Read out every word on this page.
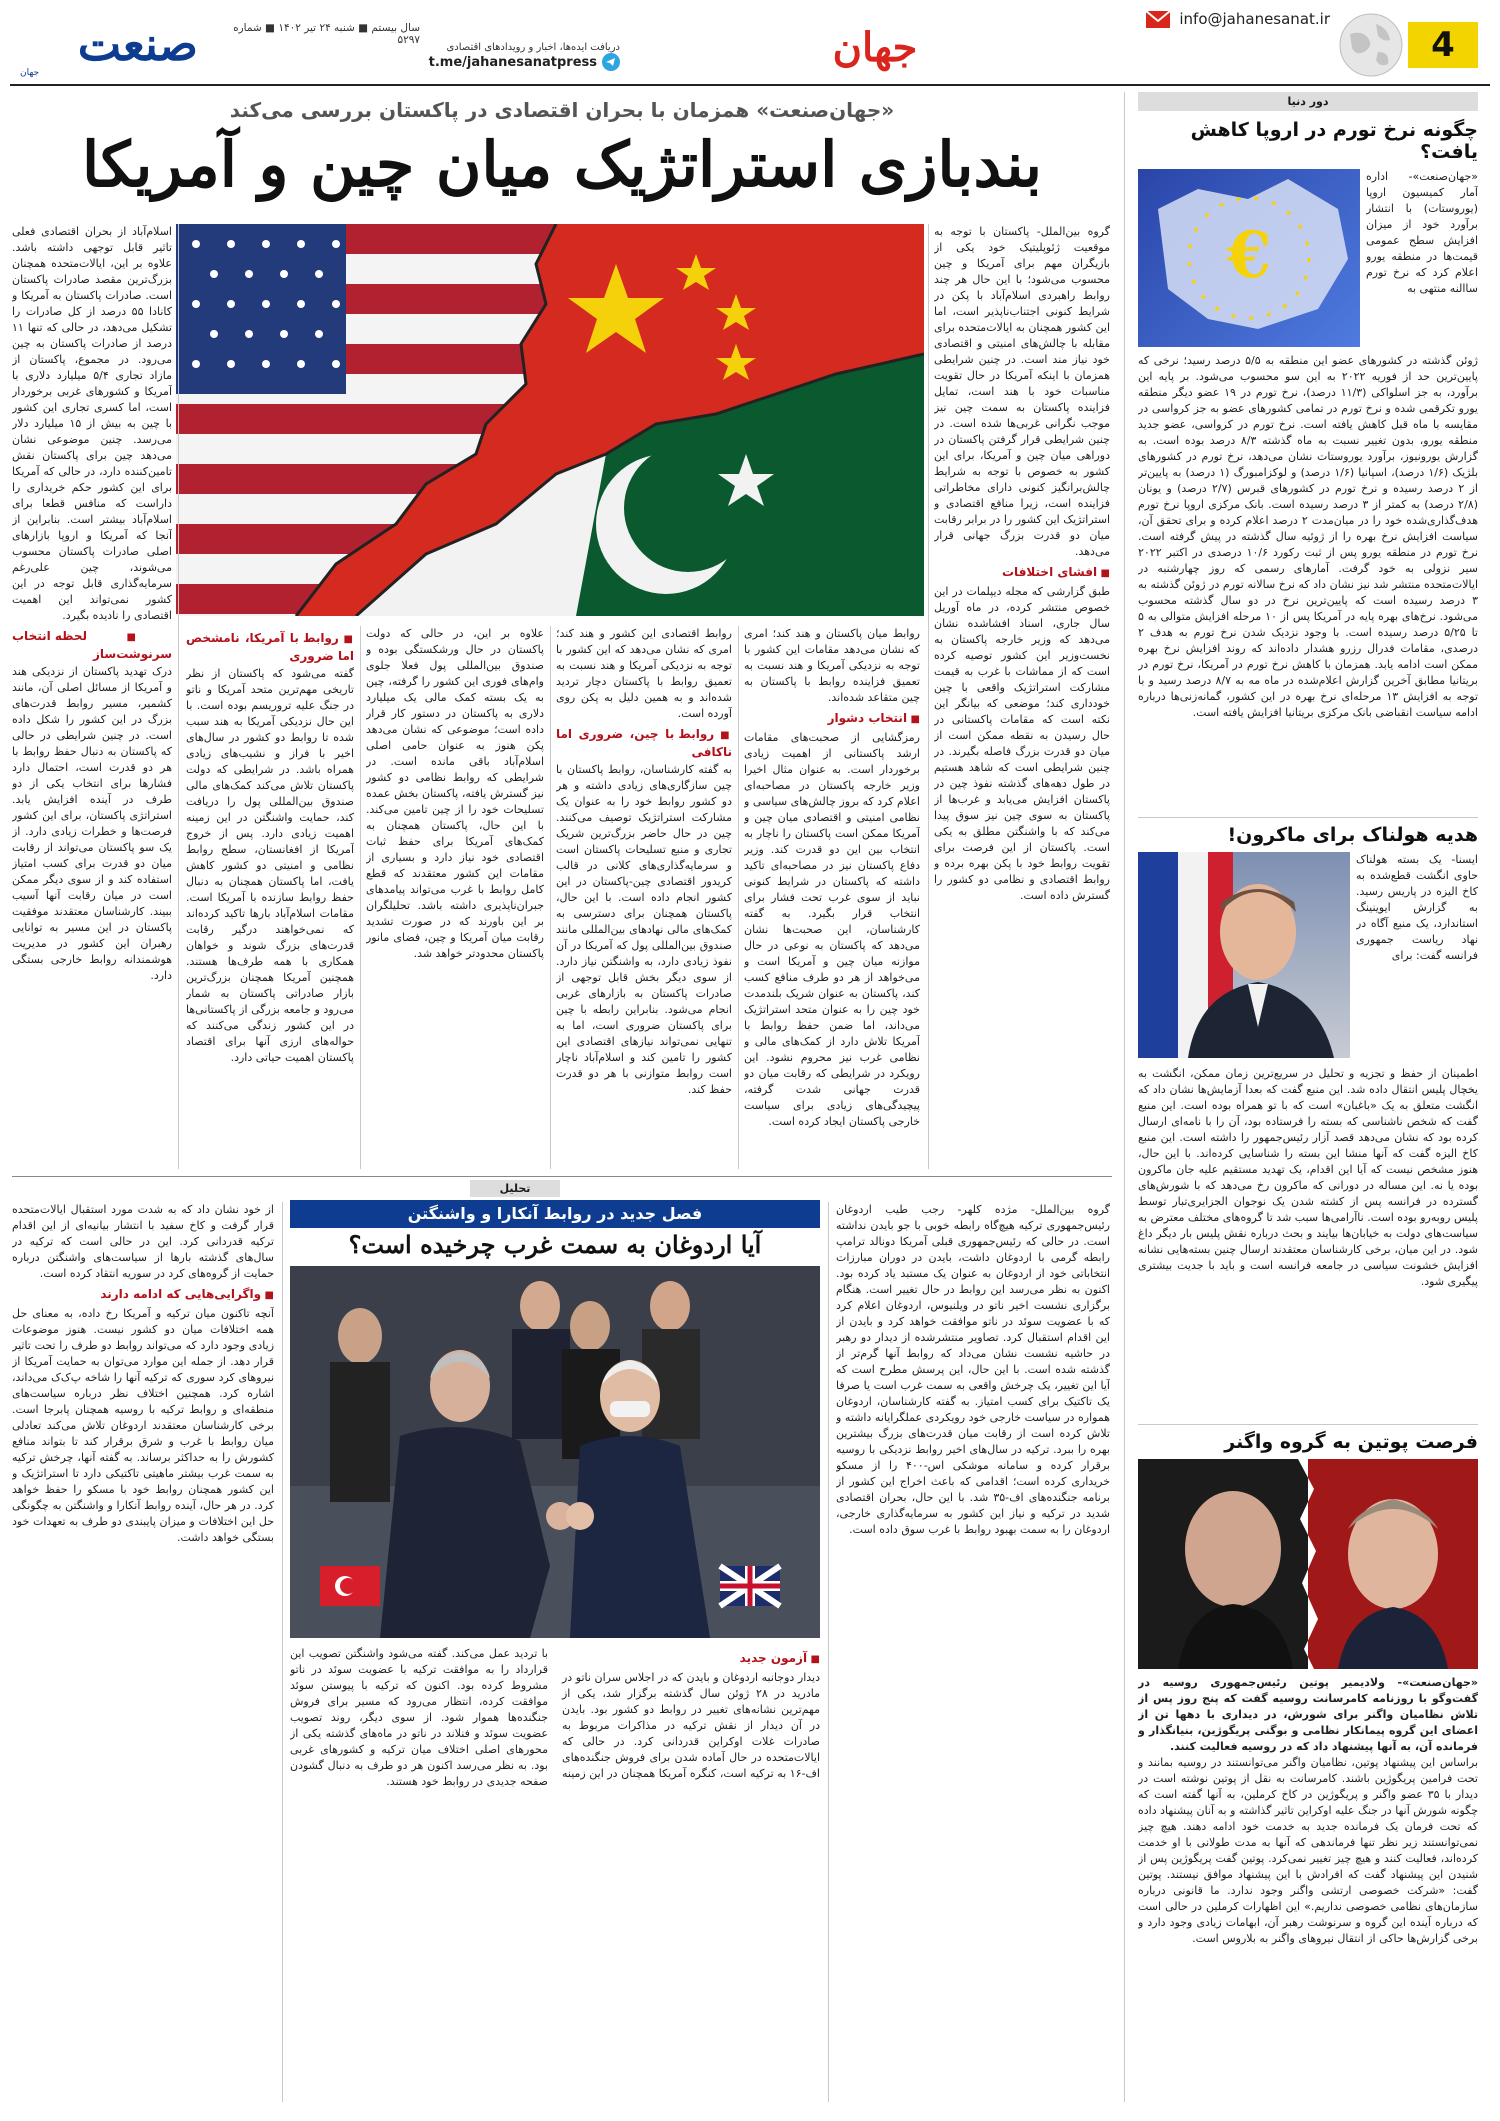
4
info@jahanesanat.ir
جهان
دریافت ایده‌ها، اخبار و رویدادهای اقتصادی
t.me/jahanesanatpress
سال بیستم ■ شنبه ۲۴ تیر ۱۴۰۲ ■ شماره ۵۲۹۷
صنعت
جهان
دور دنیا
چگونه نرخ تورم در اروپا کاهش یافت؟
€
«جهان‌صنعت»- اداره آمار کمیسیون اروپا (یوروستات) با انتشار برآورد خود از میزان افزایش سطح عمومی قیمت‌ها در منطقه یورو اعلام کرد که نرخ تورم ساالنه منتهی به
ژوئن گذشته در کشورهای عضو این منطقه به ۵/۵ درصد رسید؛ نرخی که پایین‌ترین حد از فوریه ۲۰۲۲ به این سو محسوب می‌شود. بر پایه این برآورد، به جز اسلواکی (۱۱/۳ درصد)، نرخ تورم در ۱۹ عضو دیگر منطقه یورو تکرقمی شده و نرخ تورم در تمامی کشورهای عضو به جز کرواسی در مقایسه با ماه قبل کاهش یافته است. نرخ تورم در کرواسی، عضو جدید منطقه یورو، بدون تغییر نسبت به ماه گذشته ۸/۳ درصد بوده است. به گزارش یورونیوز، برآورد یوروستات نشان می‌دهد، نرخ تورم در کشورهای بلژیک (۱/۶ درصد)، اسپانیا (۱/۶ درصد) و لوکزامبورگ (۱ درصد) به پایین‌تر از ۲ درصد رسیده و نرخ تورم در کشورهای قبرس (۲/۷ درصد) و یونان (۲/۸ درصد) به کمتر از ۳ درصد رسیده است. بانک مرکزی اروپا نرخ تورم هدف‌گذاری‌شده خود را در میان‌مدت ۲ درصد اعلام کرده و برای تحقق آن، سیاست افزایش نرخ بهره را از ژوئیه سال گذشته در پیش گرفته است. نرخ تورم در منطقه یورو پس از ثبت رکورد ۱۰/۶ درصدی در اکتبر ۲۰۲۲ سیر نزولی به خود گرفت. آمارهای رسمی که روز چهارشنبه در ایالات‌متحده منتشر شد نیز نشان داد که نرخ سالانه تورم در ژوئن گذشته به ۳ درصد رسیده است که پایین‌ترین نرخ در دو سال گذشته محسوب می‌شود. نرخ‌های بهره پایه در آمریکا پس از ۱۰ مرحله افزایش متوالی به ۵ تا ۵/۲۵ درصد رسیده است. با وجود نزدیک شدن نرخ تورم به هدف ۲ درصدی، مقامات فدرال رزرو هشدار داده‌اند که روند افزایش نرخ بهره ممکن است ادامه یابد. همزمان با کاهش نرخ تورم در آمریکا، نرخ تورم در بریتانیا مطابق آخرین گزارش اعلام‌شده در ماه مه به ۸/۷ درصد رسید و با توجه به افزایش ۱۳ مرحله‌ای نرخ بهره در این کشور، گمانه‌زنی‌ها درباره ادامه سیاست انقباضی بانک مرکزی بریتانیا افزایش یافته است.
هدیه هولناک برای ماکرون!
ایسنا- یک بسته هولناک حاوی انگشت قطع‌شده به کاخ الیزه در پاریس رسید. به گزارش ایوینینگ استاندارد، یک منبع آگاه در نهاد ریاست جمهوری فرانسه گفت: برای
اطمینان از حفظ و تجزیه و تحلیل در سریع‌ترین زمان ممکن، انگشت به یخچال پلیس انتقال داده شد. این منبع گفت که بعدا آزمایش‌ها نشان داد که انگشت متعلق به یک «باغبان» است که با تو همراه بوده است. این منبع گفت که شخص ناشناسی که بسته را فرستاده بود، آن را با نامه‌ای ارسال کرده بود که نشان می‌دهد قصد آزار رئیس‌جمهور را داشته است. این منبع کاخ الیزه گفت که آنها منشا این بسته را شناسایی کرده‌اند. با این حال، هنوز مشخص نیست که آیا این اقدام، یک تهدید مستقیم علیه جان ماکرون بوده یا نه. این مساله در دورانی که ماکرون رخ می‌دهد که با شورش‌های گسترده در فرانسه پس از کشته شدن یک نوجوان الجزایری‌تبار توسط پلیس روبه‌رو بوده است. ناآرامی‌ها سبب شد تا گروه‌های مختلف معترض به سیاست‌های دولت به خیابان‌ها بیایند و بحث درباره نقش پلیس بار دیگر داغ شود. در این میان، برخی کارشناسان معتقدند ارسال چنین بسته‌هایی نشانه افزایش خشونت سیاسی در جامعه فرانسه است و باید با جدیت بیشتری پیگیری شود.
فرصت پوتین به گروه واگنر
«جهان‌صنعت»- ولادیمیر پوتین رئیس‌جمهوری روسیه در گفت‌وگو با روزنامه کامرسانت روسیه گفت که پنج روز پس از تلاش نظامیان واگنر برای شورش، در دیداری با دهها تن از اعضای این گروه پیمانکار نظامی و بوگنی پریگوژین، بنیانگذار و فرمانده آن، به آنها پیشنهاد داد که در روسیه فعالیت کنند.
براساس این پیشنهاد پوتین، نظامیان واگنر می‌توانستند در روسیه بمانند و تحت فرامین پریگوژین باشند. کامرسانت به نقل از پوتین نوشته است در دیدار با ۳۵ عضو واگنر و پریگوژین در کاخ کرملین، به آنها گفته است که چگونه شورش آنها در جنگ علیه اوکراین تاثیر گذاشته و به آنان پیشنهاد داده که تحت فرمان یک فرمانده جدید به خدمت خود ادامه دهند. هیچ چیز نمی‌توانستند زیر نظر تنها فرماندهی که آنها به مدت طولانی با او خدمت کرده‌اند، فعالیت کنند و هیچ چیز تغییر نمی‌کرد. پوتین گفت پریگوژین پس از شنیدن این پیشنهاد گفت که افرادش با این پیشنهاد موافق نیستند. پوتین گفت: «شرکت خصوصی ارتشی واگنر وجود ندارد. ما قانونی درباره سازمان‌های نظامی خصوصی نداریم.» این اظهارات کرملین در حالی است که درباره آینده این گروه و سرنوشت رهبر آن، ابهامات زیادی وجود دارد و برخی گزارش‌ها حاکی از انتقال نیروهای واگنر به بلاروس است.
«جهان‌صنعت» همزمان با بحران اقتصادی در پاکستان بررسی می‌کند
بندبازی استراتژیک میان چین و آمریکا

گروه بین‌الملل- پاکستان با توجه به موقعیت ژئوپلیتیک خود یکی از بازیگران مهم برای آمریکا و چین محسوب می‌شود؛ با این حال هر چند روابط راهبردی اسلام‌آباد با پکن در شرایط کنونی اجتناب‌ناپذیر است، اما این کشور همچنان به ایالات‌متحده برای مقابله با چالش‌های امنیتی و اقتصادی خود نیاز مند است. در چنین شرایطی همزمان با اینکه آمریکا در حال تقویت مناسبات خود با هند است، تمایل فزاینده پاکستان به سمت چین نیز موجب نگرانی غربی‌ها شده است. در چنین شرایطی قرار گرفتن پاکستان در دوراهی میان چین و آمریکا، برای این کشور به خصوص با توجه به شرایط چالش‌برانگیز کنونی دارای مخاطراتی فزاینده است، زیرا منافع اقتصادی و استراتژیک این کشور را در برابر رقابت میان دو قدرت بزرگ جهانی قرار می‌دهد.

■ افشای اختلافات

طبق گزارشی که مجله دیپلمات در این خصوص منتشر کرده، در ماه آوریل سال جاری، اسناد افشاشده نشان می‌دهد که وزیر خارجه پاکستان به نخست‌وزیر این کشور توصیه کرده است که از مماشات با غرب به قیمت مشارکت استراتژیک واقعی با چین خودداری کند؛ موضعی که بیانگر این نکته است که مقامات پاکستانی در حال رسیدن به نقطه ممکن است از میان دو قدرت بزرگ فاصله بگیرند. در چنین شرایطی است که شاهد هستیم در طول دهه‌های گذشته نفوذ چین در پاکستان افزایش می‌یابد و غرب‌ها از پاکستان به سوی چین نیز سوق پیدا می‌کند که با واشنگتن مطلق به یکی است. پاکستان از این فرصت برای تقویت روابط خود با پکن بهره برده و روابط اقتصادی و نظامی دو کشور را گسترش داده است.

روابط میان پاکستان و هند کند؛ امری که نشان می‌دهد مقامات این کشور با توجه به نزدیکی آمریکا و هند نسبت به تعمیق فزاینده روابط با پاکستان به چین متقاعد شده‌اند.

■ انتخاب دشوار

رمزگشایی از صحبت‌های مقامات ارشد پاکستانی از اهمیت زیادی برخوردار است. به عنوان مثال اخیرا وزیر خارجه پاکستان در مصاحبه‌ای اعلام کرد که بروز چالش‌های سیاسی و نظامی امنیتی و اقتصادی میان چین و آمریکا ممکن است پاکستان را ناچار به انتخاب بین این دو قدرت کند. وزیر دفاع پاکستان نیز در مصاحبه‌ای تاکید داشته که پاکستان در شرایط کنونی نباید از سوی غرب تحت فشار برای انتخاب قرار بگیرد. به گفته کارشناسان، این صحبت‌ها نشان می‌دهد که پاکستان به نوعی در حال موازنه میان چین و آمریکا است و می‌خواهد از هر دو طرف منافع کسب کند، پاکستان به عنوان شریک بلندمدت خود چین را به عنوان متحد استراتژیک می‌داند، اما ضمن حفظ روابط با آمریکا تلاش دارد از کمک‌های مالی و نظامی غرب نیز محروم نشود. این رویکرد در شرایطی که رقابت میان دو قدرت جهانی شدت گرفته، پیچیدگی‌های زیادی برای سیاست خارجی پاکستان ایجاد کرده است.

روابط اقتصادی این کشور و هند کند؛ امری که نشان می‌دهد که این کشور با توجه به نزدیکی آمریکا و هند نسبت به تعمیق روابط با پاکستان دچار تردید شده‌اند و به همین دلیل به پکن روی آورده است.

■ روابط با چین، ضروری اما ناکافی

به گفته کارشناسان، روابط پاکستان با چین سازگاری‌های زیادی داشته و هر دو کشور روابط خود را به عنوان یک مشارکت استراتژیک توصیف می‌کنند. چین در حال حاضر بزرگ‌ترین شریک تجاری و منبع تسلیحات پاکستان است و سرمایه‌گذاری‌های کلانی در قالب کریدور اقتصادی چین-پاکستان در این کشور انجام داده است. با این حال، پاکستان همچنان برای دسترسی به کمک‌های مالی نهادهای بین‌المللی مانند صندوق بین‌المللی پول که آمریکا در آن نفوذ زیادی دارد، به واشنگتن نیاز دارد. از سوی دیگر بخش قابل توجهی از صادرات پاکستان به بازارهای غربی انجام می‌شود. بنابراین رابطه با چین برای پاکستان ضروری است، اما به تنهایی نمی‌تواند نیازهای اقتصادی این کشور را تامین کند و اسلام‌آباد ناچار است روابط متوازنی با هر دو قدرت حفظ کند.

علاوه بر این، در حالی که دولت پاکستان در حال ورشکستگی بوده و صندوق بین‌المللی پول فعلا جلوی وام‌های فوری این کشور را گرفته، چین به یک بسته کمک مالی یک میلیارد دلاری به پاکستان در دستور کار قرار داده است؛ موضوعی که نشان می‌دهد پکن هنوز به عنوان حامی اصلی اسلام‌آباد باقی مانده است. در شرایطی که روابط نظامی دو کشور نیز گسترش یافته، پاکستان بخش عمده تسلیحات خود را از چین تامین می‌کند. با این حال، پاکستان همچنان به کمک‌های آمریکا برای حفظ ثبات اقتصادی خود نیاز دارد و بسیاری از مقامات این کشور معتقدند که قطع کامل روابط با غرب می‌تواند پیامدهای جبران‌ناپذیری داشته باشد. تحلیلگران بر این باورند که در صورت تشدید رقابت میان آمریکا و چین، فضای مانور پاکستان محدودتر خواهد شد.

■ روابط با آمریکا، نامشخص اما ضروری

گفته می‌شود که پاکستان از نظر تاریخی مهم‌ترین متحد آمریکا و ناتو در جنگ علیه تروریسم بوده است. با این حال نزدیکی آمریکا به هند سبب شده تا روابط دو کشور در سال‌های اخیر با فراز و نشیب‌های زیادی همراه باشد. در شرایطی که دولت پاکستان تلاش می‌کند کمک‌های مالی صندوق بین‌المللی پول را دریافت کند، حمایت واشنگتن در این زمینه اهمیت زیادی دارد. پس از خروج آمریکا از افغانستان، سطح روابط نظامی و امنیتی دو کشور کاهش یافت، اما پاکستان همچنان به دنبال حفظ روابط سازنده با آمریکا است. مقامات اسلام‌آباد بارها تاکید کرده‌اند که نمی‌خواهند درگیر رقابت قدرت‌های بزرگ شوند و خواهان همکاری با همه طرف‌ها هستند. همچنین آمریکا همچنان بزرگ‌ترین بازار صادراتی پاکستان به شمار می‌رود و جامعه بزرگی از پاکستانی‌ها در این کشور زندگی می‌کنند که حواله‌های ارزی آنها برای اقتصاد پاکستان اهمیت حیاتی دارد.

اسلام‌آباد از بحران اقتصادی فعلی تاثیر قابل توجهی داشته باشد. علاوه بر این، ایالات‌متحده همچنان بزرگ‌ترین مقصد صادرات پاکستان است. صادرات پاکستان به آمریکا و کانادا ۵۵ درصد از کل صادرات را تشکیل می‌دهد، در حالی که تنها ۱۱ درصد از صادرات پاکستان به چین می‌رود. در مجموع، پاکستان از مازاد تجاری ۵/۴ میلیارد دلاری با آمریکا و کشورهای غربی برخوردار است، اما کسری تجاری این کشور با چین به بیش از ۱۵ میلیارد دلار می‌رسد. چنین موضوعی نشان می‌دهد چین برای پاکستان نقش تامین‌کننده دارد، در حالی که آمریکا برای این کشور حکم خریداری را داراست که منافس قطعا برای اسلام‌آباد بیشتر است. بنابراین از آنجا که آمریکا و اروپا بازارهای اصلی صادرات پاکستان محسوب می‌شوند، چین علی‌رغم سرمایه‌گذاری قابل توجه در این کشور نمی‌تواند این اهمیت اقتصادی را نادیده بگیرد.

■ لحظه انتخاب سرنوشت‌ساز

درک تهدید پاکستان از نزدیکی هند و آمریکا از مسائل اصلی آن، مانند کشمیر، مسیر روابط قدرت‌های بزرگ در این کشور را شکل داده است. در چنین شرایطی در حالی که پاکستان به دنبال حفظ روابط با هر دو قدرت است، احتمال دارد فشارها برای انتخاب یکی از دو طرف در آینده افزایش یابد. استراتژی پاکستان، برای این کشور فرصت‌ها و خطرات زیادی دارد. از یک سو پاکستان می‌تواند از رقابت میان دو قدرت برای کسب امتیاز استفاده کند و از سوی دیگر ممکن است در میان رقابت آنها آسیب ببیند. کارشناسان معتقدند موفقیت پاکستان در این مسیر به توانایی رهبران این کشور در مدیریت هوشمندانه روابط خارجی بستگی دارد.

تحلیل
گروه بین‌الملل- مژده کلهر- رجب طیب اردوغان رئیس‌جمهوری ترکیه هیچ‌گاه رابطه خوبی با جو بایدن نداشته است. در حالی که رئیس‌جمهوری قبلی آمریکا دونالد ترامپ رابطه گرمی با اردوغان داشت، بایدن در دوران مبارزات انتخاباتی خود از اردوغان به عنوان یک مستبد یاد کرده بود. اکنون به نظر می‌رسد این روابط در حال تغییر است. هنگام برگزاری نشست اخیر ناتو در ویلنیوس، اردوغان اعلام کرد که با عضویت سوئد در ناتو موافقت خواهد کرد و بایدن از این اقدام استقبال کرد. تصاویر منتشرشده از دیدار دو رهبر در حاشیه نشست نشان می‌داد که روابط آنها گرم‌تر از گذشته شده است. با این حال، این پرسش مطرح است که آیا این تغییر، یک چرخش واقعی به سمت غرب است یا صرفا یک تاکتیک برای کسب امتیاز. به گفته کارشناسان، اردوغان همواره در سیاست خارجی خود رویکردی عملگرایانه داشته و تلاش کرده است از رقابت میان قدرت‌های بزرگ بیشترین بهره را ببرد. ترکیه در سال‌های اخیر روابط نزدیکی با روسیه برقرار کرده و سامانه موشکی اس-۴۰۰ را از مسکو خریداری کرده است؛ اقدامی که باعث اخراج این کشور از برنامه جنگنده‌های اف-۳۵ شد. با این حال، بحران اقتصادی شدید در ترکیه و نیاز این کشور به سرمایه‌گذاری خارجی، اردوغان را به سمت بهبود روابط با غرب سوق داده است.
فصل جدید در روابط آنکارا و واشنگتن
آیا اردوغان به سمت غرب چرخیده است؟
■ آزمون جدید

دیدار دوجانبه اردوغان و بایدن که در اجلاس سران ناتو در مادرید در ۲۸ ژوئن سال گذشته برگزار شد، یکی از مهم‌ترین نشانه‌های تغییر در روابط دو کشور بود. بایدن در آن دیدار از نقش ترکیه در مذاکرات مربوط به صادرات غلات اوکراین قدردانی کرد. در حالی که ایالات‌متحده در حال آماده شدن برای فروش جنگنده‌های اف-۱۶ به ترکیه است، کنگره آمریکا همچنان در این زمینه با تردید عمل می‌کند. گفته می‌شود واشنگتن تصویب این قرارداد را به موافقت ترکیه با عضویت سوئد در ناتو مشروط کرده بود. اکنون که ترکیه با پیوستن سوئد موافقت کرده، انتظار می‌رود که مسیر برای فروش جنگنده‌ها هموار شود. از سوی دیگر، روند تصویب عضویت سوئد و فنلاند در ناتو در ماه‌های گذشته یکی از محورهای اصلی اختلاف میان ترکیه و کشورهای غربی بود. به نظر می‌رسد اکنون هر دو طرف به دنبال گشودن صفحه جدیدی در روابط خود هستند.

از خود نشان داد که به شدت مورد استقبال ایالات‌متحده قرار گرفت و کاخ سفید با انتشار بیانیه‌ای از این اقدام ترکیه قدردانی کرد. این در حالی است که ترکیه در سال‌های گذشته بارها از سیاست‌های واشنگتن درباره حمایت از گروه‌های کرد در سوریه انتقاد کرده است.

■ واگرایی‌هایی که ادامه دارند

آنچه تاکنون میان ترکیه و آمریکا رخ داده، به معنای حل همه اختلافات میان دو کشور نیست. هنوز موضوعات زیادی وجود دارد که می‌تواند روابط دو طرف را تحت تاثیر قرار دهد. از جمله این موارد می‌توان به حمایت آمریکا از نیروهای کرد سوری که ترکیه آنها را شاخه پ‌ک‌ک می‌داند، اشاره کرد. همچنین اختلاف نظر درباره سیاست‌های منطقه‌ای و روابط ترکیه با روسیه همچنان پابرجا است. برخی کارشناسان معتقدند اردوغان تلاش می‌کند تعادلی میان روابط با غرب و شرق برقرار کند تا بتواند منافع کشورش را به حداکثر برساند. به گفته آنها، چرخش ترکیه به سمت غرب بیشتر ماهیتی تاکتیکی دارد تا استراتژیک و این کشور همچنان روابط خود با مسکو را حفظ خواهد کرد. در هر حال، آینده روابط آنکارا و واشنگتن به چگونگی حل این اختلافات و میزان پایبندی دو طرف به تعهدات خود بستگی خواهد داشت.
